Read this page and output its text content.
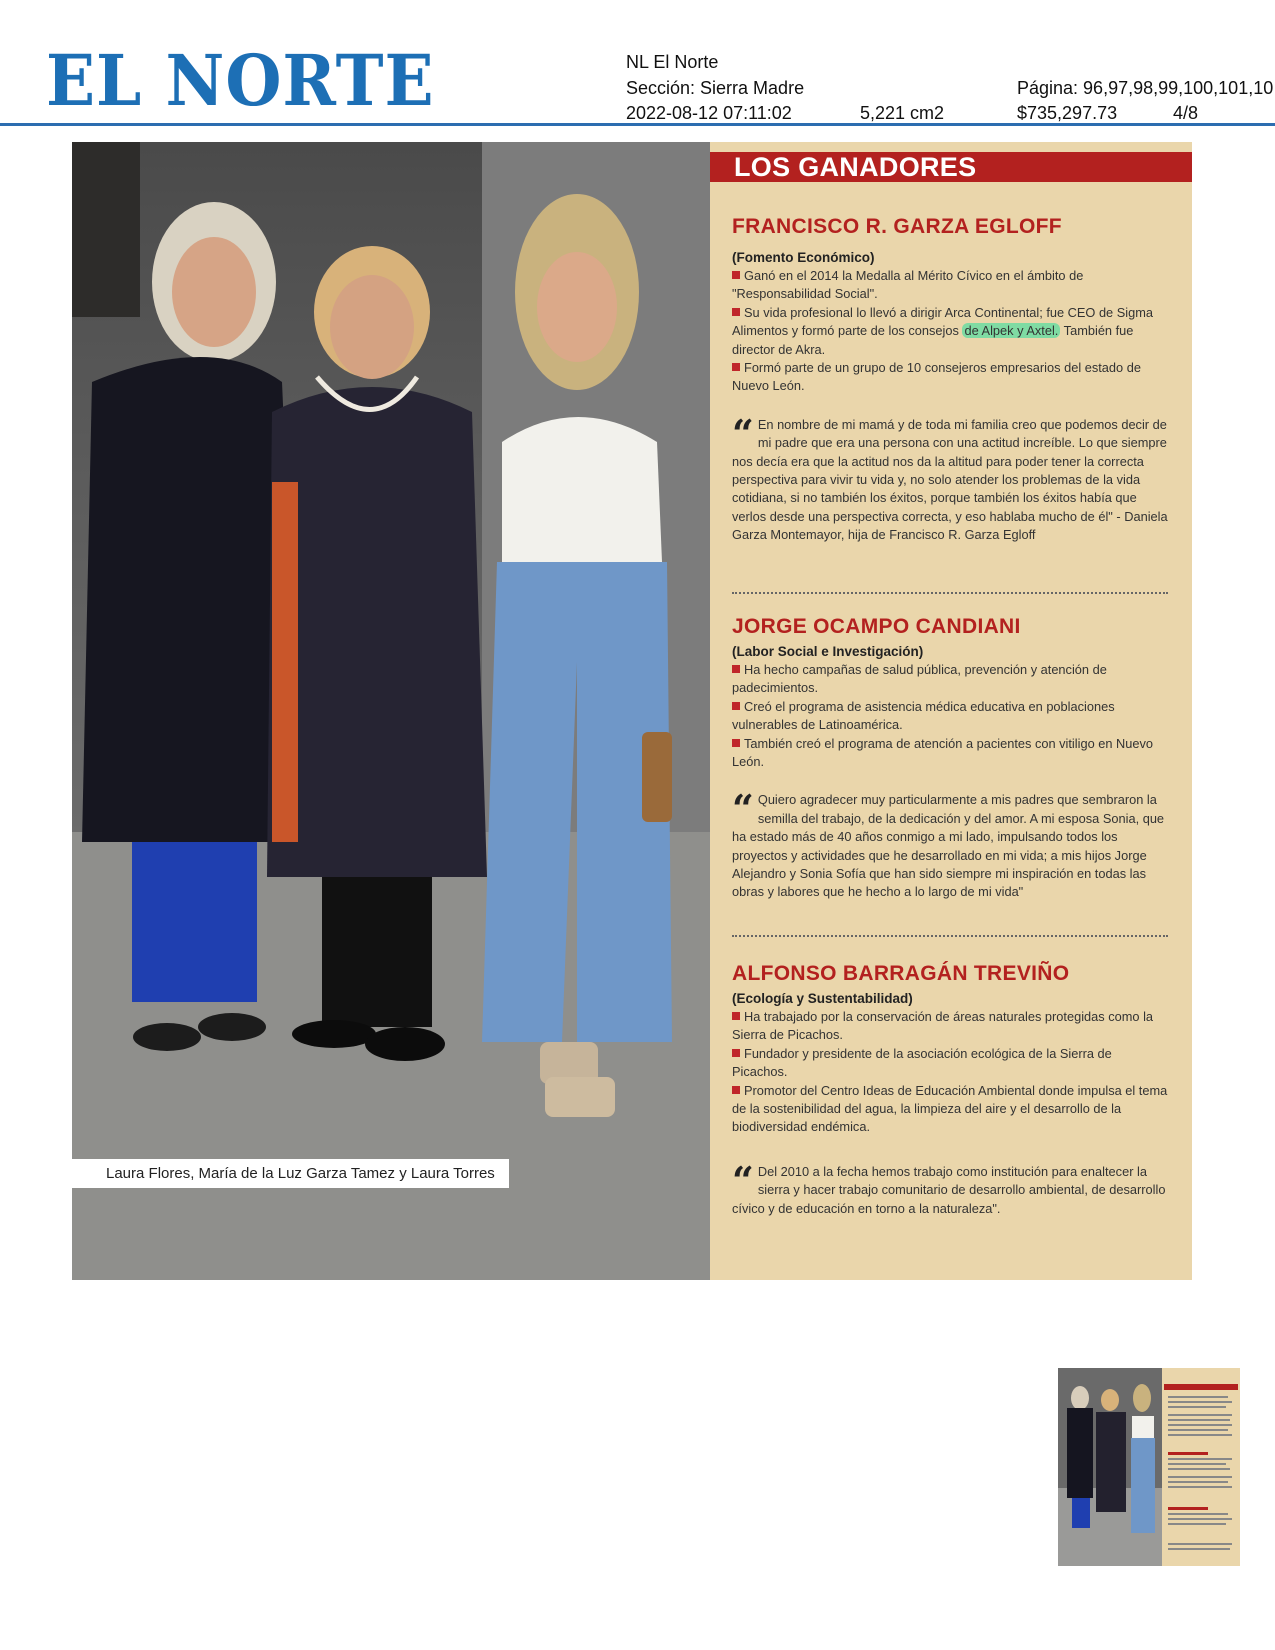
EL NORTE	NL El Norte
Sección: Sierra Madre
2022-08-12 07:11:02	5,221 cm2
Página: 96,97,98,99,100,101,10
$735,297.73	4/8
Laura Flores, María de la Luz Garza Tamez y Laura Torres
LOS GANADORES
FRANCISCO R. GARZA EGLOFF
(Fomento Económico)
Ganó en el 2014 la Medalla al Mérito Cívico en el ámbito de "Responsabilidad Social".
Su vida profesional lo llevó a dirigir Arca Continental; fue CEO de Sigma Alimentos y formó parte de los consejos de Alpek y Axtel. También fue director de Akra.
Formó parte de un grupo de 10 consejeros empresarios del estado de Nuevo León.
“ En nombre de mi mamá y de toda mi familia creo que podemos decir de mi padre que era una persona con una actitud increíble. Lo que siempre nos decía era que la actitud nos da la altitud para poder tener la correcta perspectiva para vivir tu vida y, no solo atender los problemas de la vida cotidiana, si no también los éxitos, porque también los éxitos había que verlos desde una perspectiva correcta, y eso hablaba mucho de él" - Daniela Garza Montemayor, hija de Francisco R. Garza Egloff
JORGE OCAMPO CANDIANI
(Labor Social e Investigación)
Ha hecho campañas de salud pública, prevención y atención de padecimientos.
Creó el programa de asistencia médica educativa en poblaciones vulnerables de Latinoamérica.
También creó el programa de atención a pacientes con vitiligo en Nuevo León.
“ Quiero agradecer muy particularmente a mis padres que sembraron la semilla del trabajo, de la dedicación y del amor. A mi esposa Sonia, que ha estado más de 40 años conmigo a mi lado, impulsando todos los proyectos y actividades que he desarrollado en mi vida; a mis hijos Jorge Alejandro y Sonia Sofía que han sido siempre mi inspiración en todas las obras y labores que he hecho a lo largo de mi vida"
ALFONSO BARRAGÁN TREVIÑO
(Ecología y Sustentabilidad)
Ha trabajado por la conservación de áreas naturales protegidas como la Sierra de Picachos.
Fundador y presidente de la asociación ecológica de la Sierra de Picachos.
Promotor del Centro Ideas de Educación Ambiental donde impulsa el tema de la sostenibilidad del agua, la limpieza del aire y el desarrollo de la biodiversidad endémica.
“ Del 2010 a la fecha hemos trabajo como institución para enaltecer la sierra y hacer trabajo comunitario de desarrollo ambiental, de desarrollo cívico y de educación en torno a la naturaleza".
